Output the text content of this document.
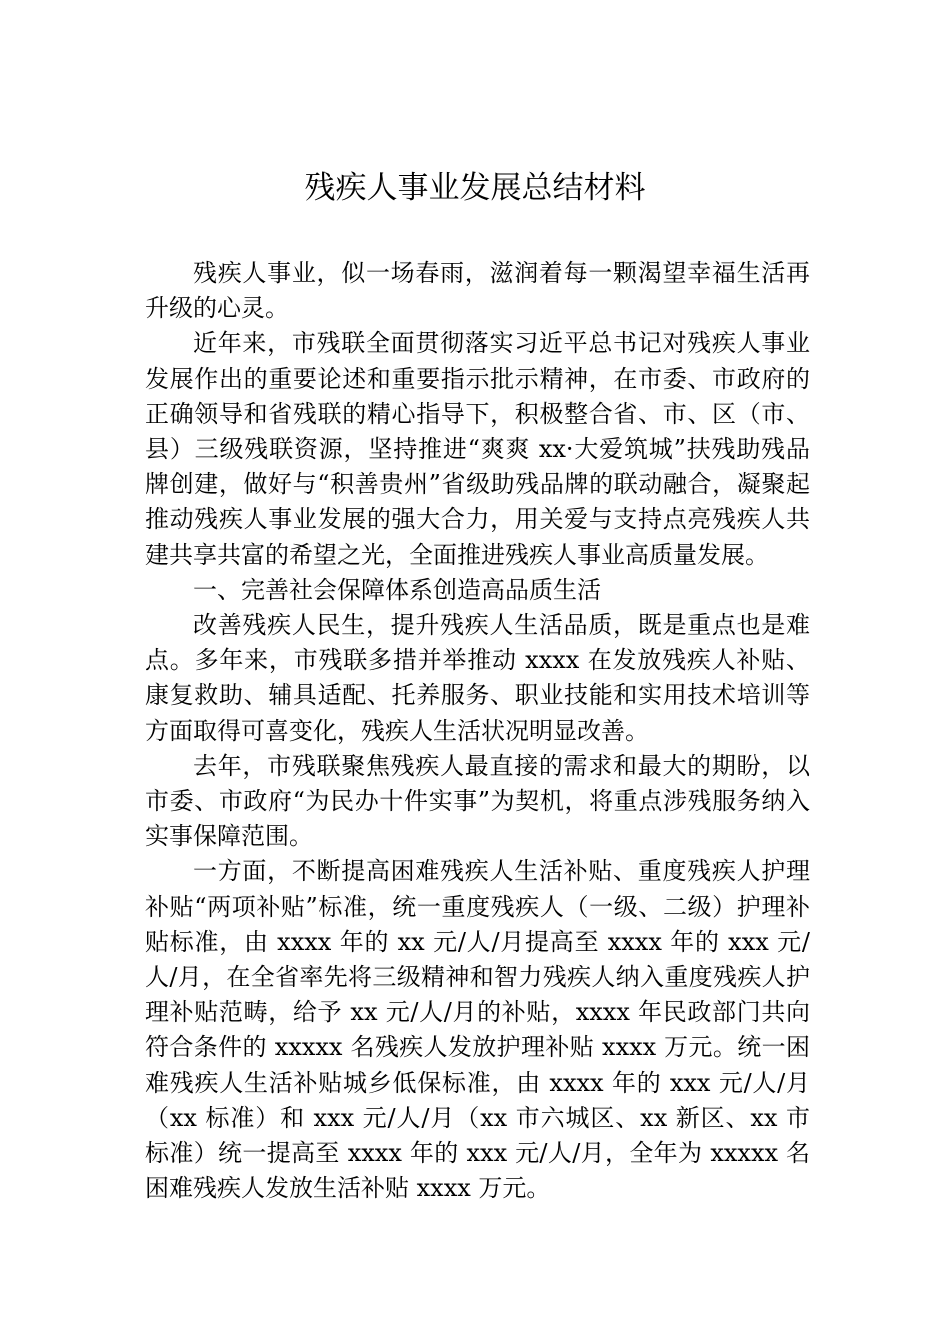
残疾人事业发展总结材料

残疾人事业，似一场春雨，滋润着每一颗渴望幸福生活再升级的心灵。

近年来，市残联全面贯彻落实习近平总书记对残疾人事业发展作出的重要论述和重要指示批示精神，在市委、市政府的正确领导和省残联的精心指导下，积极整合省、市、区（市、县）三级残联资源，坚持推进“爽爽 xx·大爱筑城”扶残助残品牌创建，做好与“积善贵州”省级助残品牌的联动融合，凝聚起推动残疾人事业发展的强大合力，用关爱与支持点亮残疾人共建共享共富的希望之光，全面推进残疾人事业高质量发展。

一、完善社会保障体系创造高品质生活

改善残疾人民生，提升残疾人生活品质，既是重点也是难点。多年来，市残联多措并举推动 xxxx 在发放残疾人补贴、康复救助、辅具适配、托养服务、职业技能和实用技术培训等方面取得可喜变化，残疾人生活状况明显改善。

去年，市残联聚焦残疾人最直接的需求和最大的期盼，以市委、市政府“为民办十件实事”为契机，将重点涉残服务纳入实事保障范围。

一方面，不断提高困难残疾人生活补贴、重度残疾人护理补贴“两项补贴”标准，统一重度残疾人（一级、二级）护理补贴标准，由 xxxx 年的 xx 元/人/月提高至 xxxx 年的 xxx 元/人/月，在全省率先将三级精神和智力残疾人纳入重度残疾人护理补贴范畴，给予 xx 元/人/月的补贴，xxxx 年民政部门共向符合条件的 xxxxx 名残疾人发放护理补贴 xxxx 万元。统一困难残疾人生活补贴城乡低保标准，由 xxxx 年的 xxx 元/人/月（xx 标准）和 xxx 元/人/月（xx 市六城区、xx 新区、xx 市标准）统一提高至 xxxx 年的 xxx 元/人/月，全年为 xxxxx 名困难残疾人发放生活补贴 xxxx 万元。
